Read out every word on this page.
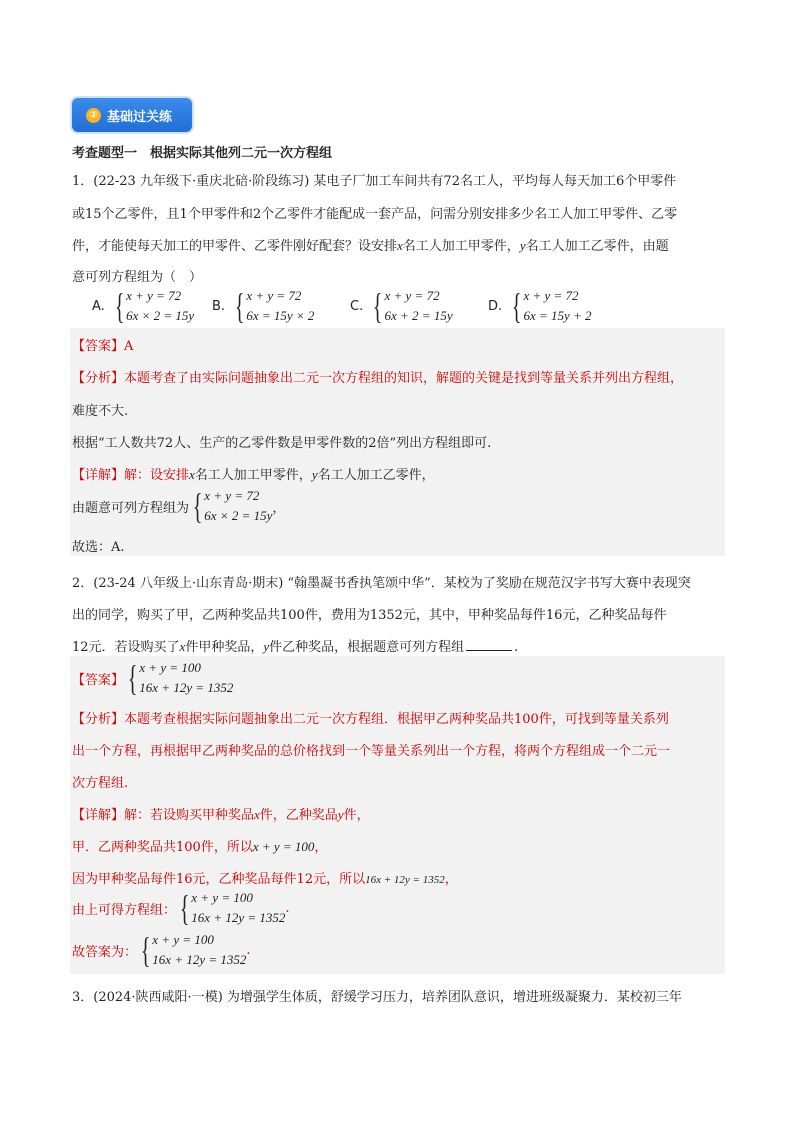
② 基础过关练
考查题型一　根据实际其他列二元一次方程组
1．(22-23 九年级下·重庆北碚·阶段练习) 某电子厂加工车间共有72名工人，平均每人每天加工6个甲零件
或15个乙零件，且1个甲零件和2个乙零件才能配成一套产品，问需分别安排多少名工人加工甲零件、乙零
件，才能使每天加工的甲零件、乙零件刚好配套？设安排x名工人加工甲零件，y名工人加工乙零件，由题
意可列方程组为（　）
A. { x + y = 72
6x × 2 = 15y
B. { x + y = 72
6x = 15y × 2
C. { x + y = 72
6x + 2 = 15y
D. { x + y = 72
6x = 15y + 2
【答案】A
【分析】本题考查了由实际问题抽象出二元一次方程组的知识，解题的关键是找到等量关系并列出方程组，
难度不大.
根据“工人数共72人、生产的乙零件数是甲零件数的2倍”列出方程组即可.
【详解】解：设安排x名工人加工甲零件，y名工人加工乙零件，
由题意可列方程组为 { x + y = 72
6x × 2 = 15y ，
故选：A.
2．(23-24 八年级上·山东青岛·期末) “翰墨凝书香执笔颂中华”．某校为了奖励在规范汉字书写大赛中表现突
出的同学，购买了甲，乙两种奖品共100件，费用为1352元，其中，甲种奖品每件16元，乙种奖品每件
12元．若设购买了x件甲种奖品，y件乙种奖品，根据题意可列方程组	.
【答案】 { x + y = 100
16x + 12y = 1352
【分析】本题考查根据实际问题抽象出二元一次方程组．根据甲乙两种奖品共100件，可找到等量关系列
出一个方程，再根据甲乙两种奖品的总价格找到一个等量关系列出一个方程，将两个方程组成一个二元一
次方程组.
【详解】解：若设购买甲种奖品x件，乙种奖品y件，
甲．乙两种奖品共100件，所以x + y = 100，
因为甲种奖品每件16元，乙种奖品每件12元，所以16x + 12y = 1352，
由上可得方程组： { x + y = 100
16x + 12y = 1352
.
故答案为： { x + y = 100
16x + 12y = 1352
.
3．(2024·陕西咸阳·一模) 为增强学生体质，舒缓学习压力，培养团队意识，增进班级凝聚力．某校初三年
